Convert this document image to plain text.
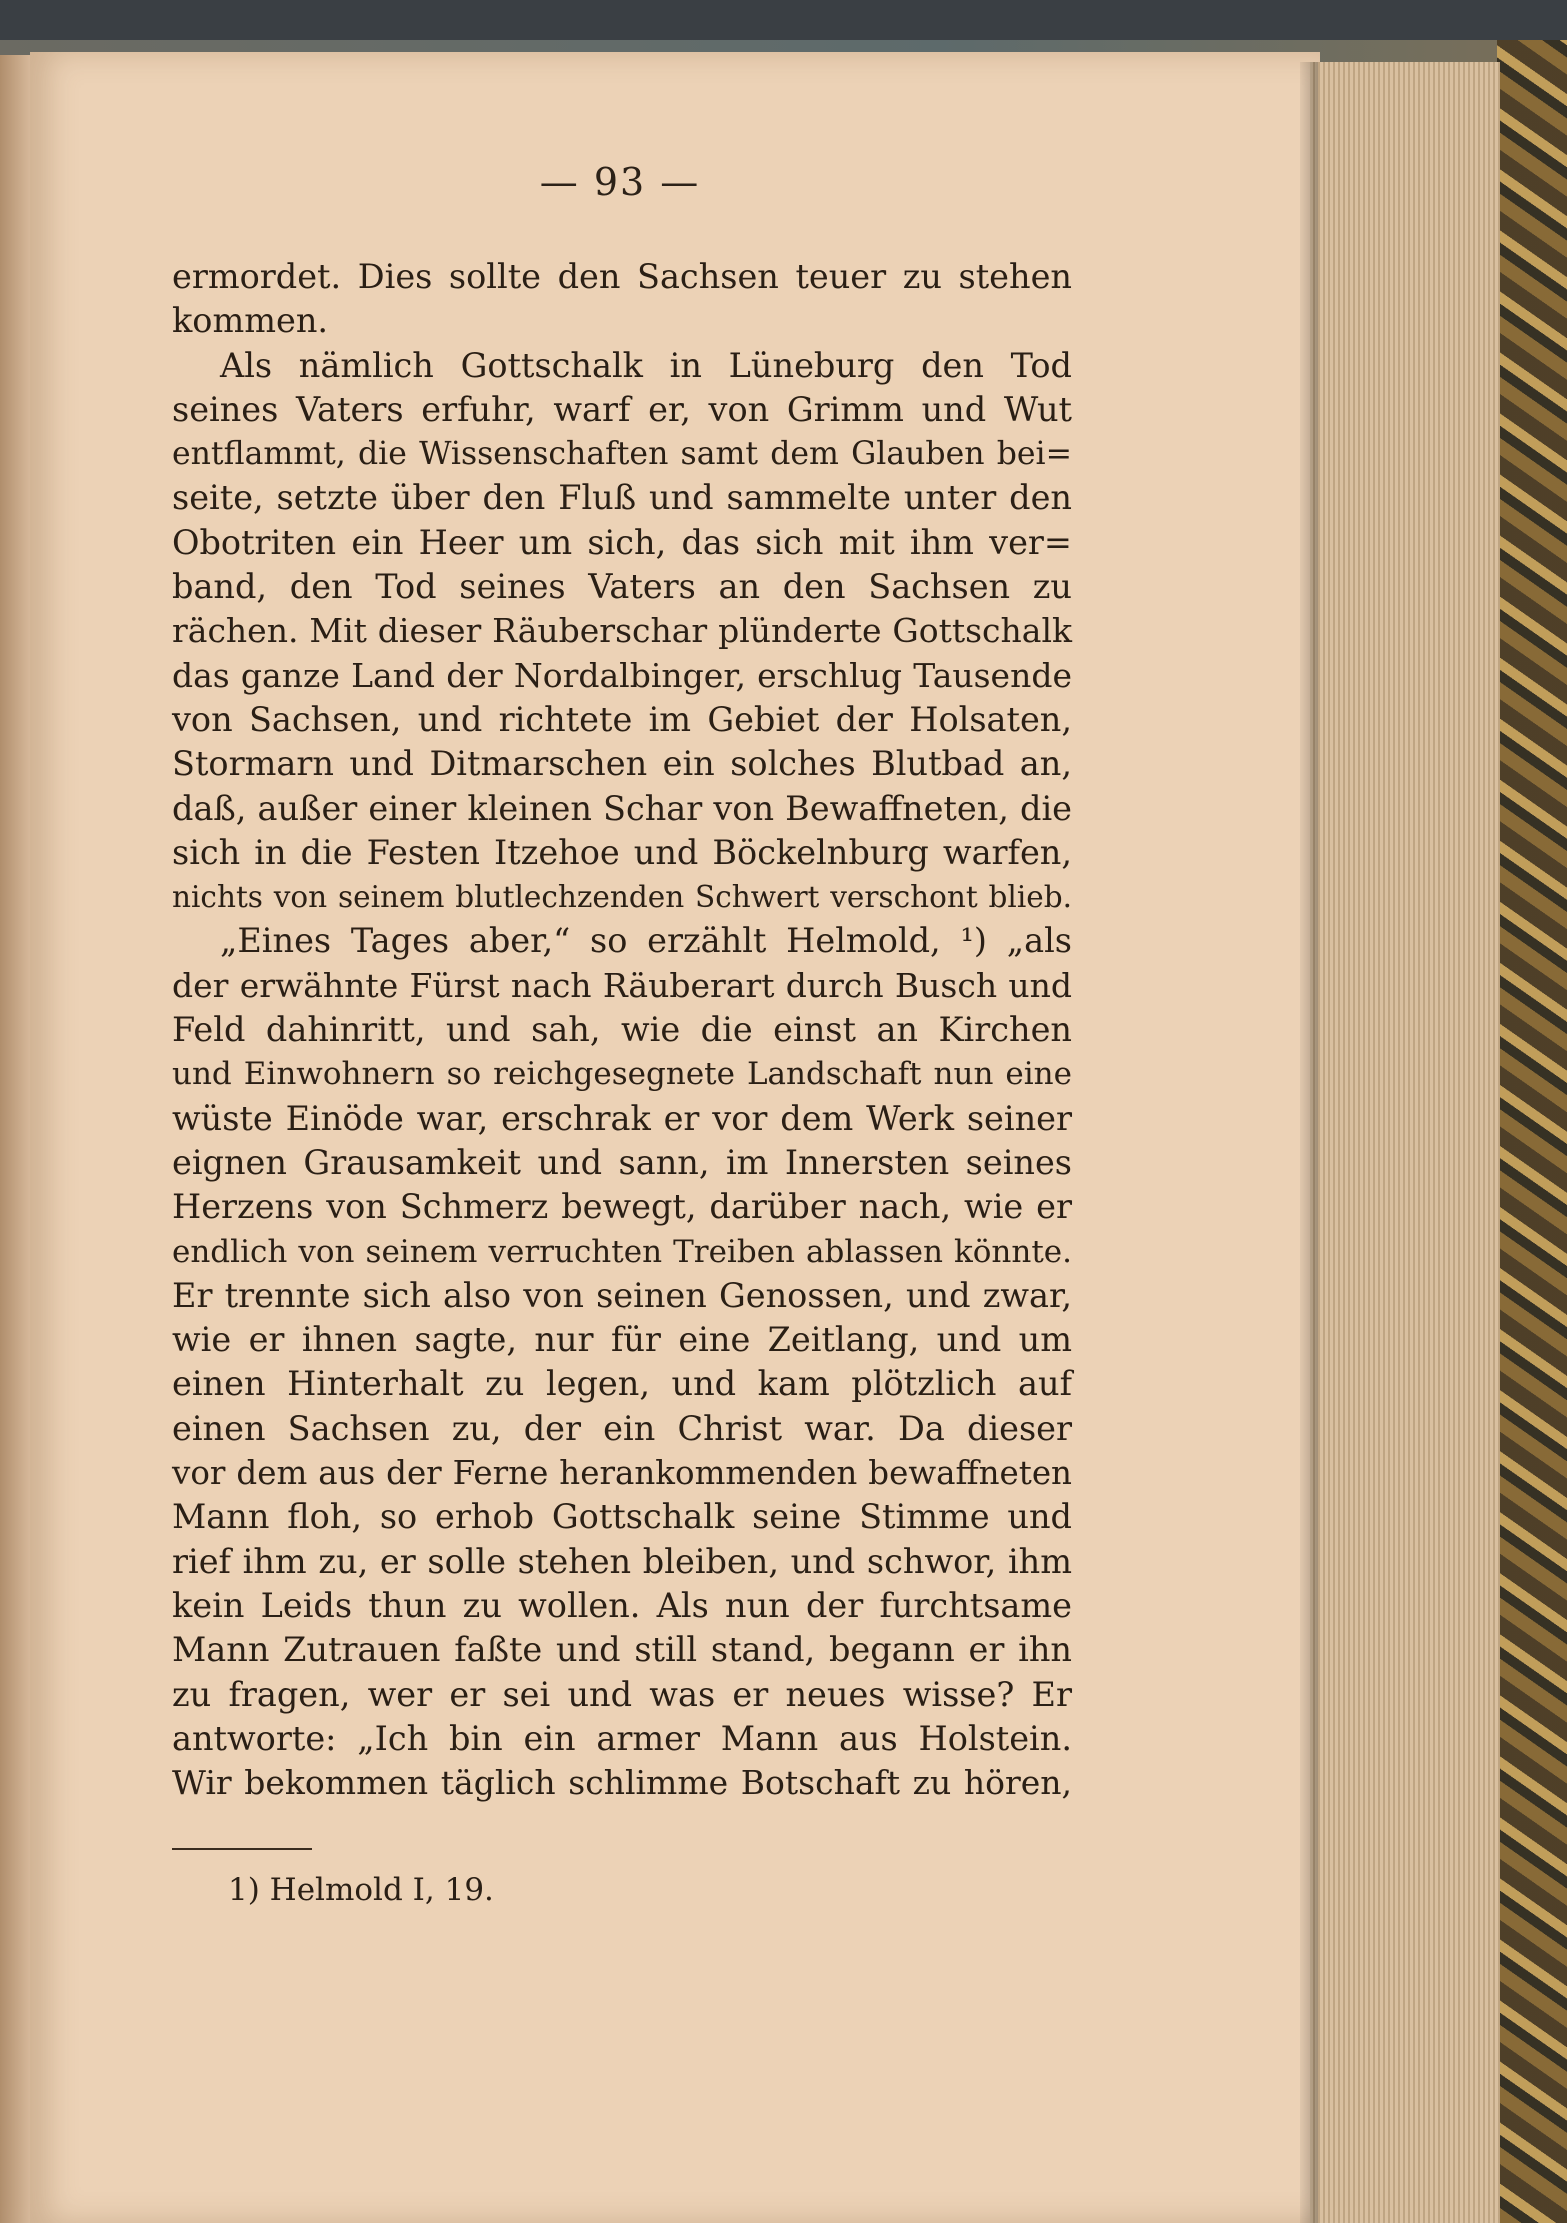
— 93 —
ermordet. Dies sollte den Sachsen teuer zu stehen
kommen.
Als nämlich Gottschalk in Lüneburg den Tod
seines Vaters erfuhr, warf er, von Grimm und Wut
entflammt, die Wissenschaften samt dem Glauben bei=
seite, setzte über den Fluß und sammelte unter den
Obotriten ein Heer um sich, das sich mit ihm ver=
band, den Tod seines Vaters an den Sachsen zu
rächen. Mit dieser Räuberschar plünderte Gottschalk
das ganze Land der Nordalbinger, erschlug Tausende
von Sachsen, und richtete im Gebiet der Holsaten,
Stormarn und Ditmarschen ein solches Blutbad an,
daß, außer einer kleinen Schar von Bewaffneten, die
sich in die Festen Itzehoe und Böckelnburg warfen,
nichts von seinem blutlechzenden Schwert verschont blieb.
„Eines Tages aber,“ so erzählt Helmold, ¹) „als
der erwähnte Fürst nach Räuberart durch Busch und
Feld dahinritt, und sah, wie die einst an Kirchen
und Einwohnern so reichgesegnete Landschaft nun eine
wüste Einöde war, erschrak er vor dem Werk seiner
eignen Grausamkeit und sann, im Innersten seines
Herzens von Schmerz bewegt, darüber nach, wie er
endlich von seinem verruchten Treiben ablassen könnte.
Er trennte sich also von seinen Genossen, und zwar,
wie er ihnen sagte, nur für eine Zeitlang, und um
einen Hinterhalt zu legen, und kam plötzlich auf
einen Sachsen zu, der ein Christ war. Da dieser
vor dem aus der Ferne herankommenden bewaffneten
Mann floh, so erhob Gottschalk seine Stimme und
rief ihm zu, er solle stehen bleiben, und schwor, ihm
kein Leids thun zu wollen. Als nun der furchtsame
Mann Zutrauen faßte und still stand, begann er ihn
zu fragen, wer er sei und was er neues wisse? Er
antworte: „Ich bin ein armer Mann aus Holstein.
Wir bekommen täglich schlimme Botschaft zu hören,
1) Helmold I, 19.
